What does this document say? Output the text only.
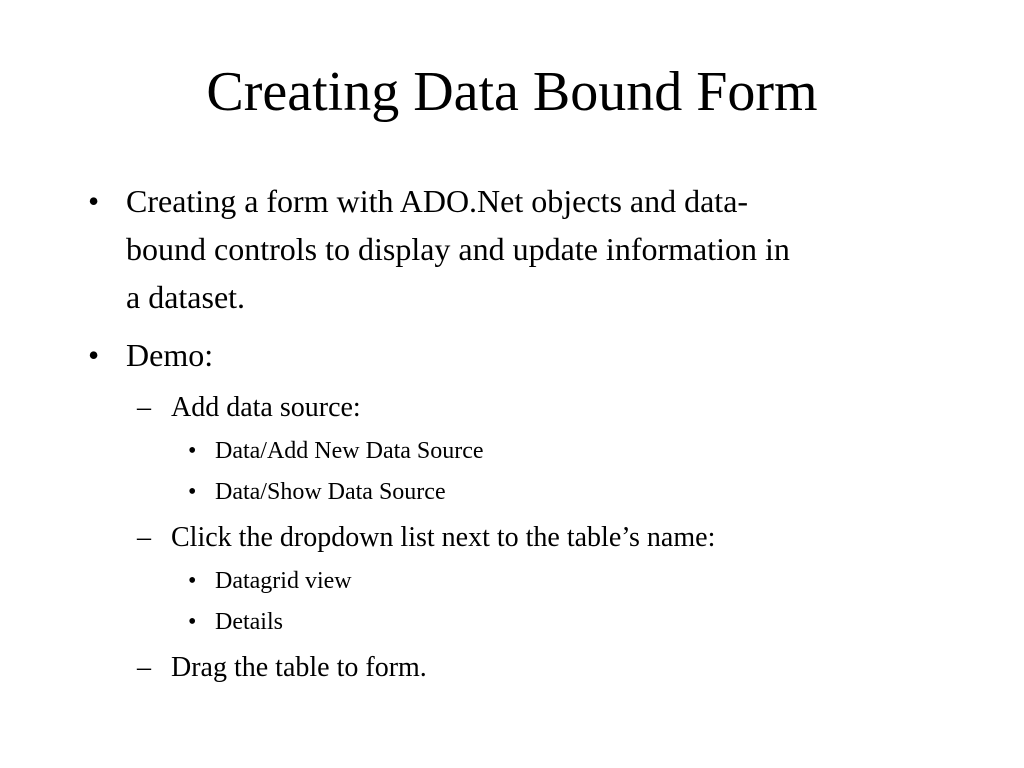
Creating Data Bound Form
• Creating a form with ADO.Net objects and data-
bound controls to display and update information in
a dataset.
• Demo:
– Add data source:
• Data/Add New Data Source
• Data/Show Data Source
– Click the dropdown list next to the table’s name:
• Datagrid view
• Details
– Drag the table to form.
